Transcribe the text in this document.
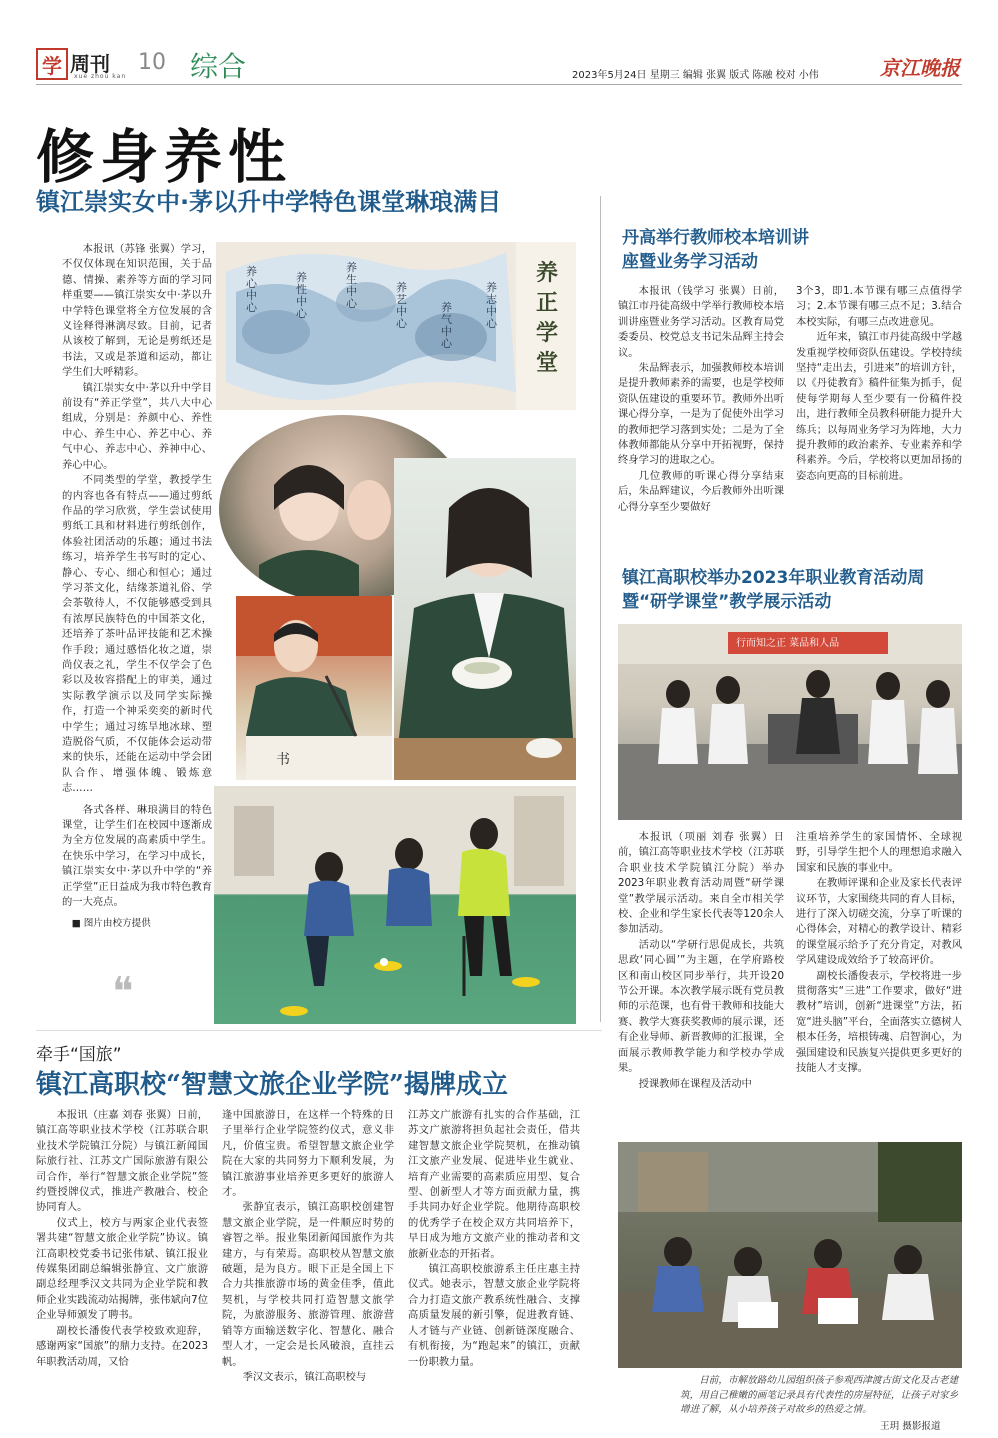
学 周刊
xue zhou kan
10 综合	2023年5月24日 星期三 编辑 张翼 版式 陈融 校对 小伟	京江晚报
修身养性
镇江崇实女中·茅以升中学特色课堂琳琅满目

本报讯（苏锋 张翼）学习，不仅仅体现在知识范围，关于品德、情操、素养等方面的学习同样重要——镇江崇实女中·茅以升中学特色课堂将全方位发展的含义诠释得淋漓尽致。目前，记者从该校了解到，无论是剪纸还是书法，又或是茶道和运动，都让学生们大呼精彩。

镇江崇实女中·茅以升中学目前设有“养正学堂”，共八大中心组成，分别是：养颜中心、养性中心、养生中心、养艺中心、养气中心、养志中心、养神中心、养心中心。

不同类型的学堂，教授学生的内容也各有特点——通过剪纸作品的学习欣赏，学生尝试使用剪纸工具和材料进行剪纸创作，体验社团活动的乐趣；通过书法练习，培养学生书写时的定心、静心、专心、细心和恒心；通过学习茶文化，结缘茶道礼俗、学会茶敬待人，不仅能够感受到具有浓厚民族特色的中国茶文化，还培养了茶叶品评技能和艺术操作手段；通过感悟化妆之道，崇尚仪表之礼，学生不仅学会了色彩以及妆容搭配上的审美，通过实际教学演示以及同学实际操作，打造一个神采奕奕的新时代中学生；通过习练旱地冰球、塑造脱俗气质，不仅能体会运动带来的快乐，还能在运动中学会团队合作、增强体魄、锻炼意志……

各式各样、琳琅满目的特色课堂，让学生们在校园中逐渐成为全方位发展的高素质中学生。在快乐中学习，在学习中成长，镇江崇实女中·茅以升中学的“养正学堂”正日益成为我市特色教育的一大亮点。

■ 图片由校方提供
❝
养正学堂
养心中心
养性中心
养生中心
养艺中心
养气中心
养志中心
书
丹高举行教师校本培训讲座暨业务学习活动

本报讯（钱学习 张翼）日前，镇江市丹徒高级中学举行教师校本培训讲座暨业务学习活动。区教育局党委委员、校党总支书记朱品辉主持会议。

朱品辉表示，加强教师校本培训是提升教师素养的需要，也是学校师资队伍建设的重要环节。教师外出听课心得分享，一是为了促使外出学习的教师把学习落到实处；二是为了全体教师都能从分享中开拓视野，保持终身学习的进取之心。

几位教师的听课心得分享结束后，朱品辉建议，今后教师外出听课心得分享至少要做好

3个3，即1.本节课有哪三点值得学习；2.本节课有哪三点不足；3.结合本校实际，有哪三点改进意见。

近年来，镇江市丹徒高级中学越发重视学校师资队伍建设。学校持续坚持“走出去，引进来”的培训方针，以《丹徒教育》稿件征集为抓手，促使每学期每人至少要有一份稿件投出，进行教师全员教科研能力提升大练兵；以每周业务学习为阵地，大力提升教师的政治素养、专业素养和学科素养。今后，学校将以更加昂扬的姿态向更高的目标前进。

镇江高职校举办2023年职业教育活动周暨“研学课堂”教学展示活动
行而知之正 菜品和人品

本报讯（项丽 刘春 张翼）日前，镇江高等职业技术学校（江苏联合职业技术学院镇江分院）举办2023年职业教育活动周暨“研学课堂”教学展示活动。来自全市相关学校、企业和学生家长代表等120余人参加活动。

活动以“学研行思促成长，共筑思政‘同心圆’”为主题，在学府路校区和南山校区同步举行，共开设20节公开课。本次教学展示既有党员教师的示范课，也有骨干教师和技能大赛、教学大赛获奖教师的展示课，还有企业导师、新晋教师的汇报课，全面展示教师教学能力和学校办学成果。

授课教师在课程及活动中

注重培养学生的家国情怀、全球视野，引导学生把个人的理想追求融入国家和民族的事业中。

在教师评课和企业及家长代表评议环节，大家围绕共同的育人目标，进行了深入切磋交流，分享了听课的心得体会，对精心的教学设计、精彩的课堂展示给予了充分肯定，对教风学风建设成效给予了较高评价。

副校长潘俊表示，学校将进一步贯彻落实“三进”工作要求，做好“进教材”培训，创新“进课堂”方法，拓宽“进头脑”平台，全面落实立德树人根本任务，培根铸魂、启智润心，为强国建设和民族复兴提供更多更好的技能人才支撑。

牵手“国旅”
镇江高职校“智慧文旅企业学院”揭牌成立

本报讯（庄嘉 刘春 张翼）日前，镇江高等职业技术学校（江苏联合职业技术学院镇江分院）与镇江新闻国际旅行社、江苏文广国际旅游有限公司合作，举行“智慧文旅企业学院”签约暨授牌仪式，推进产教融合、校企协同育人。

仪式上，校方与两家企业代表签署共建“智慧文旅企业学院”协议。镇江高职校党委书记张伟斌、镇江报业传媒集团副总编辑张静宜、文广旅游副总经理季汉文共同为企业学院和教师企业实践流动站揭牌，张伟斌向7位企业导师颁发了聘书。

副校长潘俊代表学校致欢迎辞，感谢两家“国旅”的鼎力支持。在2023年职教活动周，又恰

逢中国旅游日，在这样一个特殊的日子里举行企业学院签约仪式，意义非凡，价值宝贵。希望智慧文旅企业学院在大家的共同努力下顺利发展，为镇江旅游事业培养更多更好的旅游人才。

张静宜表示，镇江高职校创建智慧文旅企业学院，是一件顺应时势的睿智之举。报业集团新闻国旅作为共建方，与有荣焉。高职校从智慧文旅破题，是为良方。眼下正是全国上下合力共推旅游市场的黄金佳季，值此契机，与学校共同打造智慧文旅学院，为旅游服务、旅游管理、旅游营销等方面输送数字化、智慧化、融合型人才，一定会是长风破浪，直挂云帆。

季汉文表示，镇江高职校与

江苏文广旅游有扎实的合作基础，江苏文广旅游将担负起社会责任，借共建智慧文旅企业学院契机，在推动镇江文旅产业发展、促进毕业生就业、培育产业需要的高素质应用型、复合型、创新型人才等方面贡献力量，携手共同办好企业学院。他期待高职校的优秀学子在校企双方共同培养下，早日成为地方文旅产业的推动者和文旅新业态的开拓者。

镇江高职校旅游系主任庄惠主持仪式。她表示，智慧文旅企业学院将合力打造文旅产教系统性融合、支撑高质量发展的新引擎，促进教育链、人才链与产业链、创新链深度融合、有机衔接，为“跑起来”的镇江，贡献一份职教力量。

日前，市解放路幼儿园组织孩子参观西津渡古街文化及古老建筑，用自己稚嫩的画笔记录具有代表性的房屋特征，让孩子对家乡增进了解，从小培养孩子对故乡的热爱之情。
王玥 摄影报道
